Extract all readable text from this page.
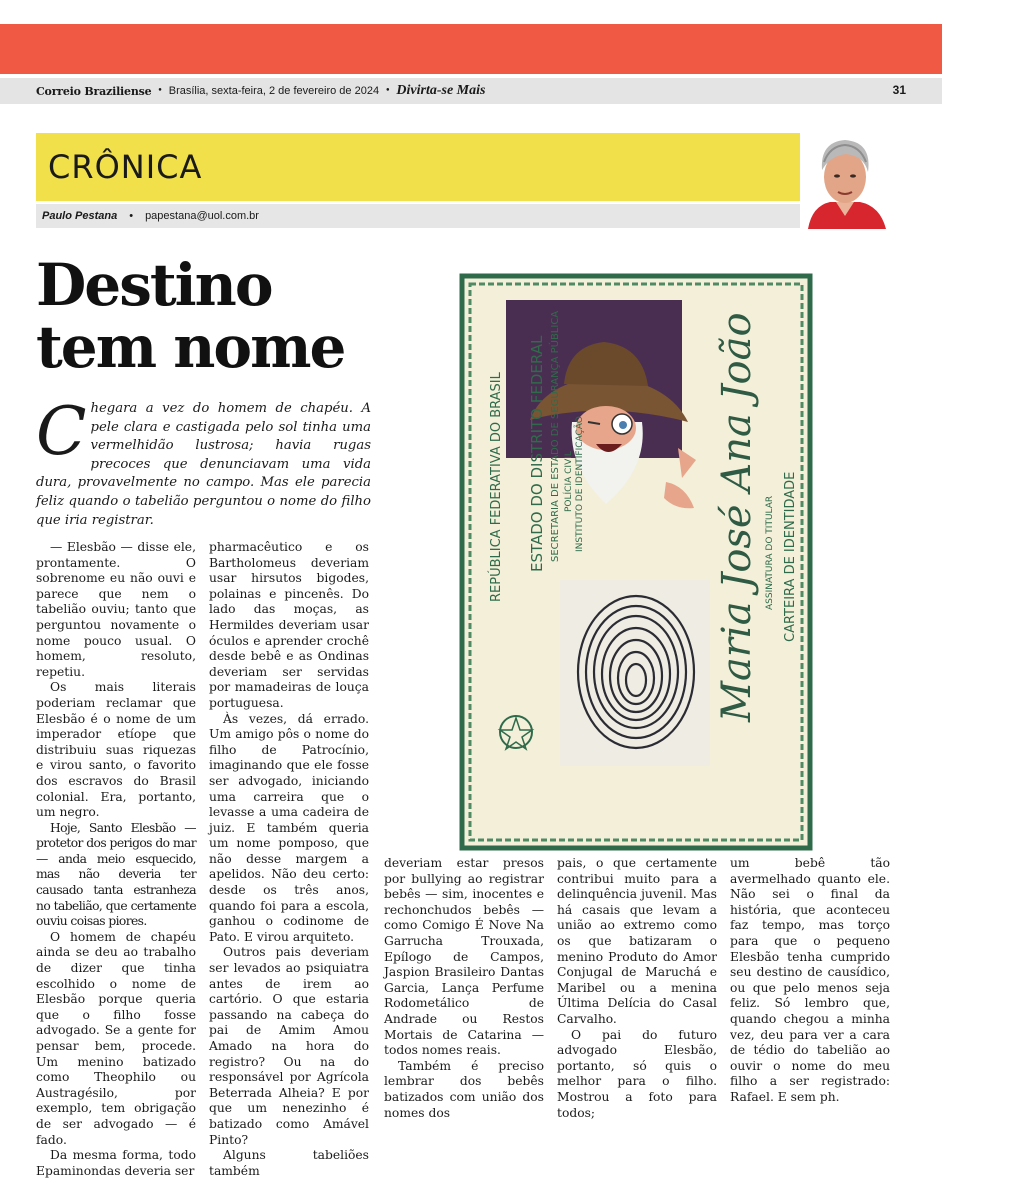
Correio Braziliense • Brasília, sexta-feira, 2 de fevereiro de 2024 • Divirta-se Mais	31
CRÔNICA
Paulo Pestana • papestana@uol.com.br
Destino
tem nome
C hegara a vez do homem de chapéu. A pele clara e castigada pelo sol tinha uma vermelhidão lustrosa; havia rugas precoces que denunciavam uma vida dura, provavelmente no campo. Mas ele parecia feliz quando o tabelião perguntou o nome do filho que iria registrar.	REPÚBLICA FEDERATIVA DO BRASIL ESTADO DO DISTRITO FEDERAL SECRETARIA DE ESTADO DE SEGURANÇA PÚBLICA POLÍCIA CIVIL INSTITUTO DE IDENTIFICAÇÃO	Maria José Ana João ASSINATURA DO TITULAR CARTEIRA DE IDENTIDADE

— Elesbão — disse ele, prontamente. O sobrenome eu não ouvi e parece que nem o tabelião ouviu; tanto que perguntou novamente o nome pouco usual. O homem, resoluto, repetiu.

Os mais literais poderiam reclamar que Elesbão é o nome de um imperador etíope que distribuiu suas riquezas e virou santo, o favorito dos escravos do Brasil colonial. Era, portanto, um negro.

Hoje, Santo Elesbão — protetor dos perigos do mar — anda meio esquecido, mas não deveria ter causado tanta estranheza no tabelião, que certamente ouviu coisas piores.

O homem de chapéu ainda se deu ao trabalho de dizer que tinha escolhido o nome de Elesbão porque queria que o filho fosse advogado. Se a gente for pensar bem, procede. Um menino batizado como Theophilo ou Austragésilo, por exemplo, tem obrigação de ser advogado — é fado.

Da mesma forma, todo Epaminondas deveria ser

pharmacêutico e os Bartholomeus deveriam usar hirsutos bigodes, polainas e pincenês. Do lado das moças, as Hermildes deveriam usar óculos e aprender crochê desde bebê e as Ondinas deveriam ser servidas por mamadeiras de louça portuguesa.

Às vezes, dá errado. Um amigo pôs o nome do filho de Patrocínio, imaginando que ele fosse ser advogado, iniciando uma carreira que o levasse a uma cadeira de juiz. E também queria um nome pomposo, que não desse margem a apelidos. Não deu certo: desde os três anos, quando foi para a escola, ganhou o codinome de Pato. E virou arquiteto.

Outros pais deveriam ser levados ao psiquiatra antes de irem ao cartório. O que estaria passando na cabeça do pai de Amim Amou Amado na hora do registro? Ou na do responsável por Agrícola Beterrada Alheia? E por que um nenezinho é batizado como Amável Pinto?

Alguns tabeliões também

deveriam estar presos por bullying ao registrar bebês — sim, inocentes e rechonchudos bebês — como Comigo É Nove Na Garrucha Trouxada, Epílogo de Campos, Jaspion Brasileiro Dantas Garcia, Lança Perfume Rodometálico de Andrade ou Restos Mortais de Catarina — todos nomes reais.

Também é preciso lembrar dos bebês batizados com união dos nomes dos

pais, o que certamente contribui muito para a delinquência juvenil. Mas há casais que levam a união ao extremo como os que batizaram o menino Produto do Amor Conjugal de Maruchá e Maribel ou a menina Última Delícia do Casal Carvalho.

O pai do futuro advogado Elesbão, portanto, só quis o melhor para o filho. Mostrou a foto para todos;

um bebê tão avermelhado quanto ele. Não sei o final da história, que aconteceu faz tempo, mas torço para que o pequeno Elesbão tenha cumprido seu destino de causídico, ou que pelo menos seja feliz. Só lembro que, quando chegou a minha vez, deu para ver a cara de tédio do tabelião ao ouvir o nome do meu filho a ser registrado: Rafael. E sem ph.
